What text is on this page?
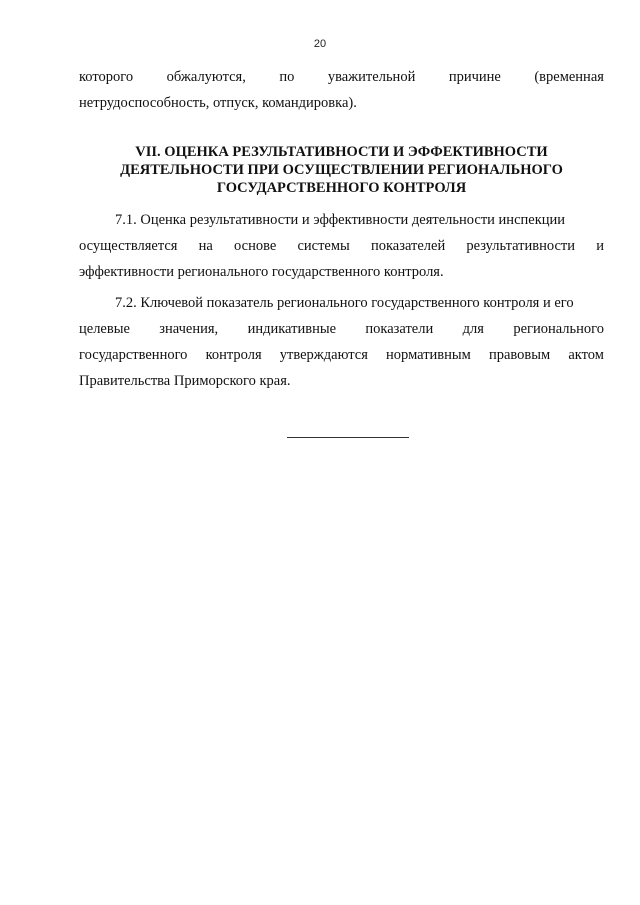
20
которого обжалуются, по уважительной причине (временная
нетрудоспособность, отпуск, командировка).
VII. ОЦЕНКА РЕЗУЛЬТАТИВНОСТИ И ЭФФЕКТИВНОСТИ
ДЕЯТЕЛЬНОСТИ ПРИ ОСУЩЕСТВЛЕНИИ РЕГИОНАЛЬНОГО
ГОСУДАРСТВЕННОГО КОНТРОЛЯ
7.1. Оценка результативности и эффективности деятельности инспекции
осуществляется на основе системы показателей результативности и
эффективности регионального государственного контроля.
7.2. Ключевой показатель регионального государственного контроля и его
целевые значения, индикативные показатели для регионального
государственного контроля утверждаются нормативным правовым актом
Правительства Приморского края.
